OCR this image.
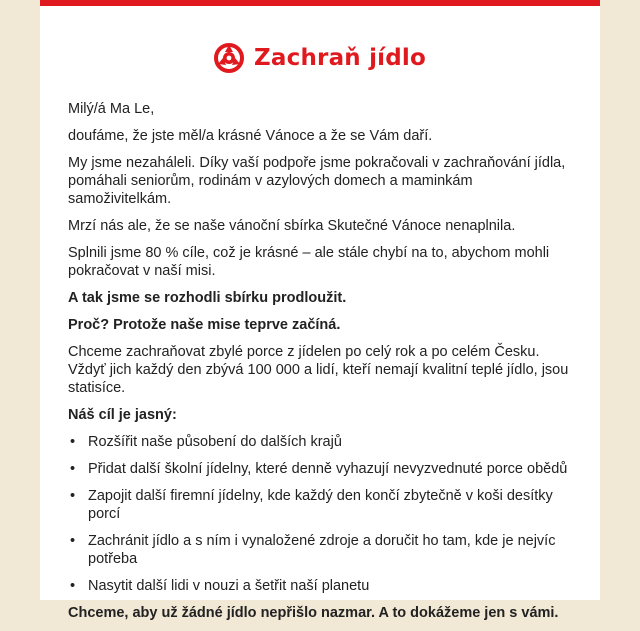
Zachraň jídlo

Milý/á Ma Le,

doufáme, že jste měl/a krásné Vánoce a že se Vám daří.

My jsme nezaháleli. Díky vaší podpoře jsme pokračovali v zachraňování jídla, pomáhali seniorům, rodinám v azylových domech a maminkám samoživitelkám.

Mrzí nás ale, že se naše vánoční sbírka Skutečné Vánoce nenaplnila.

Splnili jsme 80 % cíle, což je krásné – ale stále chybí na to, abychom mohli pokračovat v naší misi.

A tak jsme se rozhodli sbírku prodloužit.

Proč? Protože naše mise teprve začíná.

Chceme zachraňovat zbylé porce z jídelen po celý rok a po celém Česku. Vždyť jich každý den zbývá 100 000 a lidí, kteří nemají kvalitní teplé jídlo, jsou statisíce.

Náš cíl je jasný:

• Rozšířit naše působení do dalších krajů
• Přidat další školní jídelny, které denně vyhazují nevyzvednuté porce obědů
• Zapojit další firemní jídelny, kde každý den končí zbytečně v koši desítky porcí
• Zachránit jídlo a s ním i vynaložené zdroje a doručit ho tam, kde je nejvíc potřeba
• Nasytit další lidi v nouzi a šetřit naší planetu

Chceme, aby už žádné jídlo nepřišlo nazmar. A to dokážeme jen s vámi.
